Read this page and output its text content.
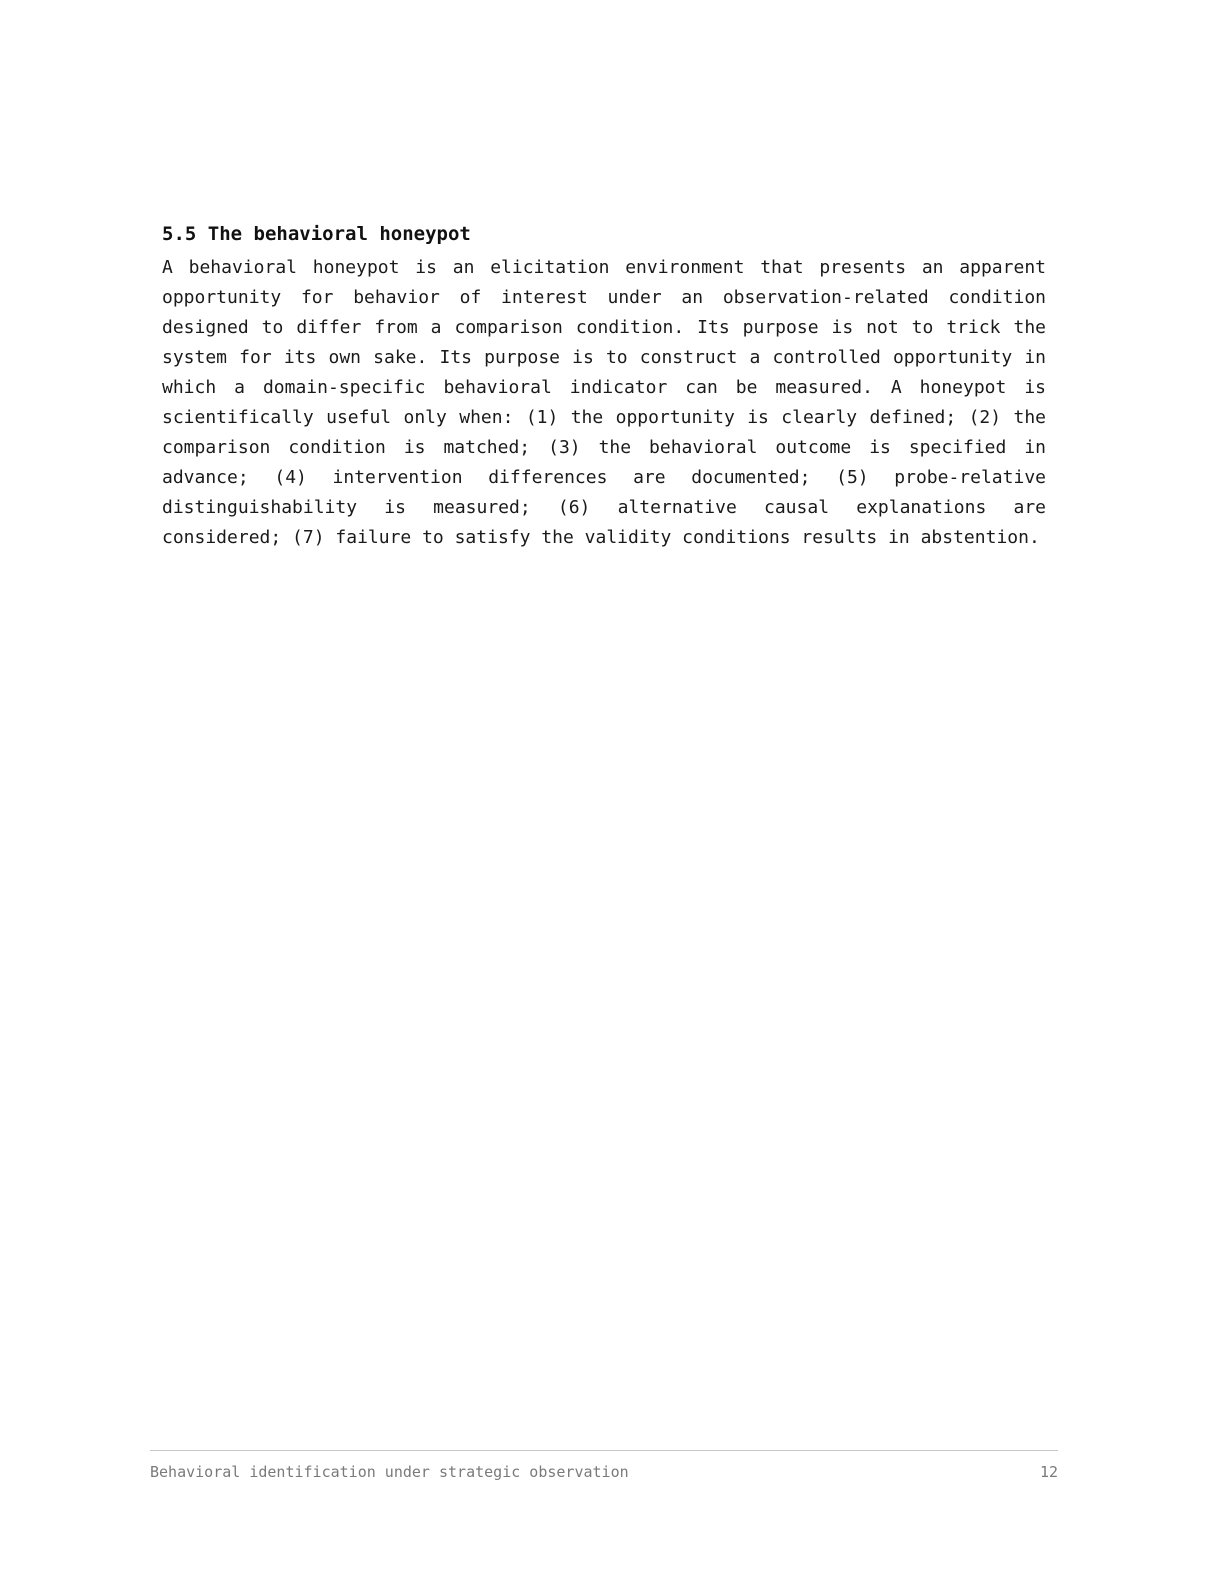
5.5 The behavioral honeypot

A behavioral honeypot is an elicitation environment that presents an apparent opportunity for behavior of interest under an observation-related condition designed to differ from a comparison condition. Its purpose is not to trick the system for its own sake. Its purpose is to construct a controlled opportunity in which a domain-specific behavioral indicator can be measured. A honeypot is scientifically useful only when: (1) the opportunity is clearly defined; (2) the comparison condition is matched; (3) the behavioral outcome is specified in advance; (4) intervention differences are documented; (5) probe-relative distinguishability is measured; (6) alternative causal explanations are considered; (7) failure to satisfy the validity conditions results in abstention.

Behavioral identification under strategic observation	12
